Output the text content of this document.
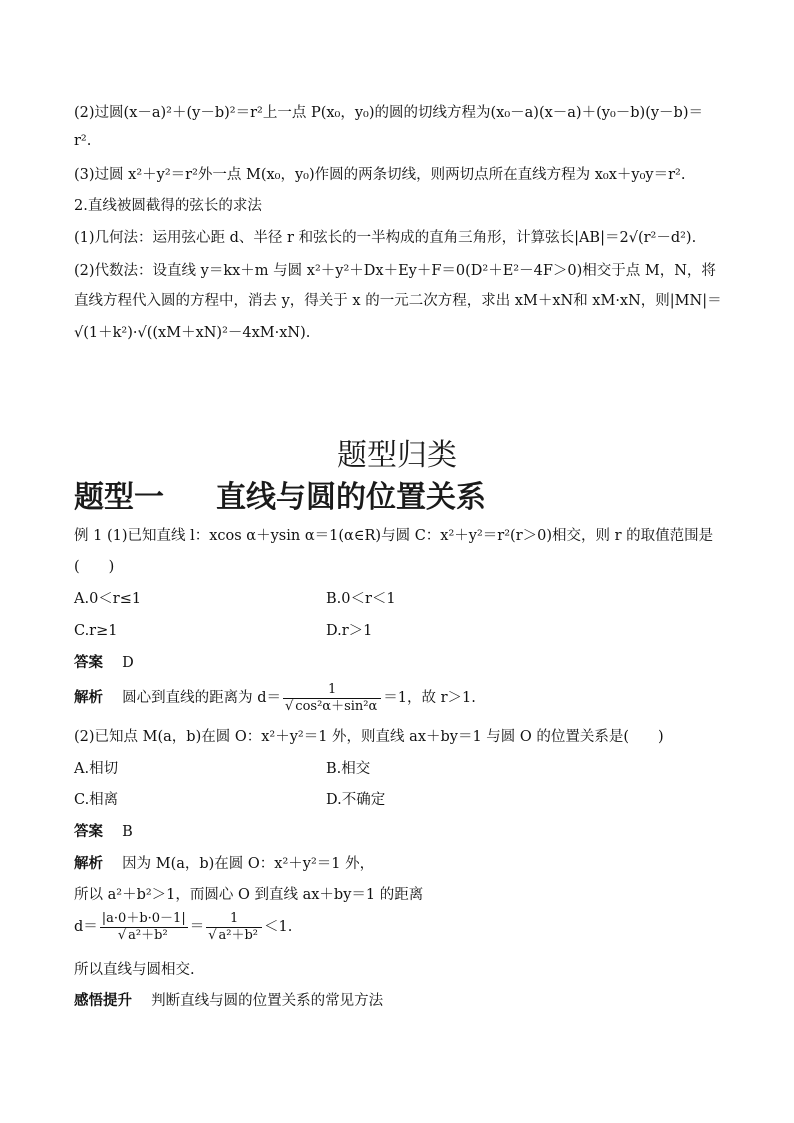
(2)过圆(x－a)²＋(y－b)²＝r²上一点 P(x₀，y₀)的圆的切线方程为(x₀－a)(x－a)＋(y₀－b)(y－b)＝
r².
(3)过圆 x²＋y²＝r²外一点 M(x₀，y₀)作圆的两条切线，则两切点所在直线方程为 x₀x＋y₀y＝r².
2.直线被圆截得的弦长的求法
(1)几何法：运用弦心距 d、半径 r 和弦长的一半构成的直角三角形，计算弦长|AB|＝2√(r²－d²).
(2)代数法：设直线 y＝kx＋m 与圆 x²＋y²＋Dx＋Ey＋F＝0(D²＋E²－4F＞0)相交于点 M，N，将
直线方程代入圆的方程中，消去 y，得关于 x 的一元二次方程，求出 xM＋xN和 xM·xN，则|MN|＝
√(1＋k²)·√((xM＋xN)²－4xM·xN).
题型归类
题型一 直线与圆的位置关系
例 1 (1)已知直线 l：xcos α＋ysin α＝1(α∈R)与圆 C：x²＋y²＝r²(r＞0)相交，则 r 的取值范围是
(　　)
A.0＜r≤1	B.0＜r＜1
C.r≥1	D.r＞1
答案　 D
解析　 圆心到直线的距离为 $d= \frac{1}{\text{√ cos²α＋sin²α}} =1$，故 r＞1.
(2)已知点 M(a，b)在圆 O：x²＋y²＝1 外，则直线 ax＋by＝1 与圆 O 的位置关系是(　　)
A.相切	B.相交
C.相离	D.不确定
答案　 B
解析　 因为 M(a，b)在圆 O：x²＋y²＝1 外，
所以 a²＋b²＞1，而圆心 O 到直线 ax＋by＝1 的距离
$d= \frac{|a\cdot 0+b\cdot 0-1|}{\text{√ a²＋b²}} = \frac{1}{\text{√ a²＋b²}} <1$.
所以直线与圆相交.
感悟提升　 判断直线与圆的位置关系的常见方法
